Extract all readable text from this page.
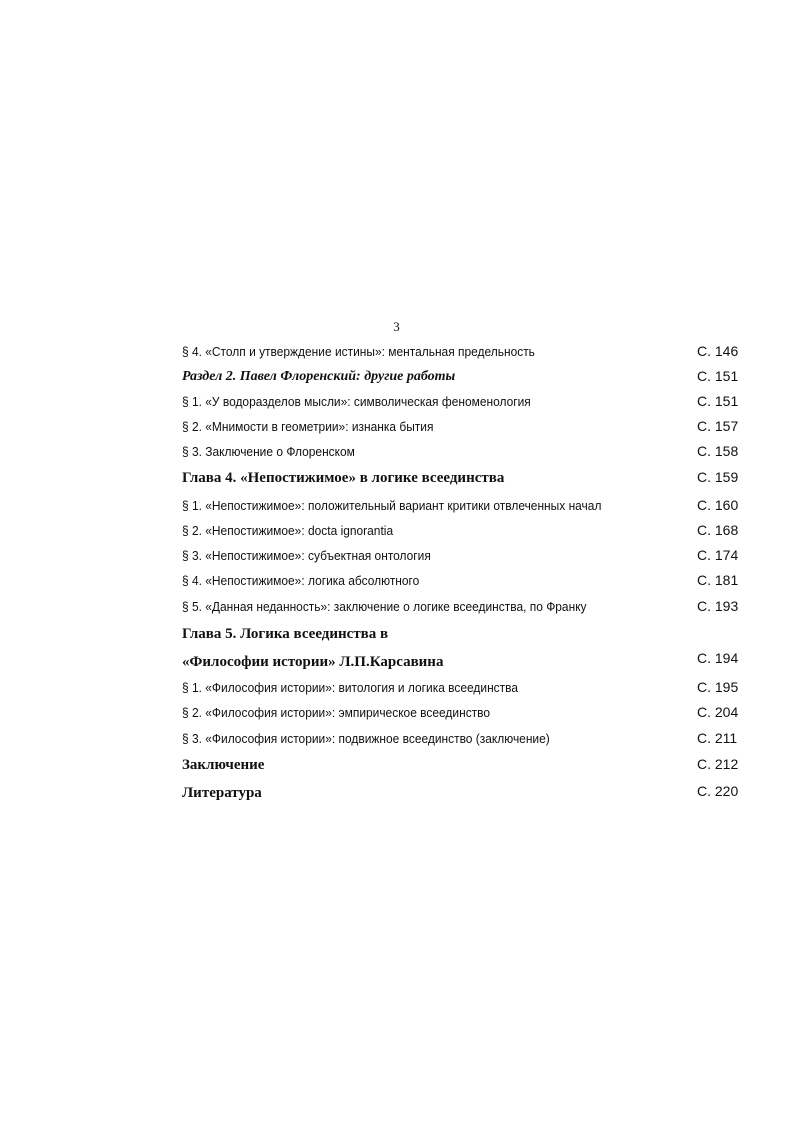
3
§ 4. «Столп и утверждение истины»: ментальная предельность	С. 146
Раздел 2. Павел Флоренский: другие работы	С. 151
§ 1. «У водоразделов мысли»: символическая феноменология	С. 151
§ 2. «Мнимости в геометрии»: изнанка бытия	С. 157
§ 3. Заключение о Флоренском	С. 158
Глава 4. «Непостижимое» в логике всеединства	С. 159
§ 1. «Непостижимое»: положительный вариант критики отвлеченных начал	С. 160
§ 2. «Непостижимое»: docta ignorantia	С. 168
§ 3. «Непостижимое»: субъектная онтология	С. 174
§ 4. «Непостижимое»: логика абсолютного	С. 181
§ 5. «Данная неданность»: заключение о логике всеединства, по Франку	С. 193
Глава 5. Логика всеединства в
«Философии истории» Л.П.Карсавина	С. 194
§ 1. «Философия истории»: витология и логика всеединства	С. 195
§ 2. «Философия истории»: эмпирическое всеединство	С. 204
§ 3. «Философия истории»: подвижное всеединство (заключение)	С. 211
Заключение	С. 212
Литература	С. 220
